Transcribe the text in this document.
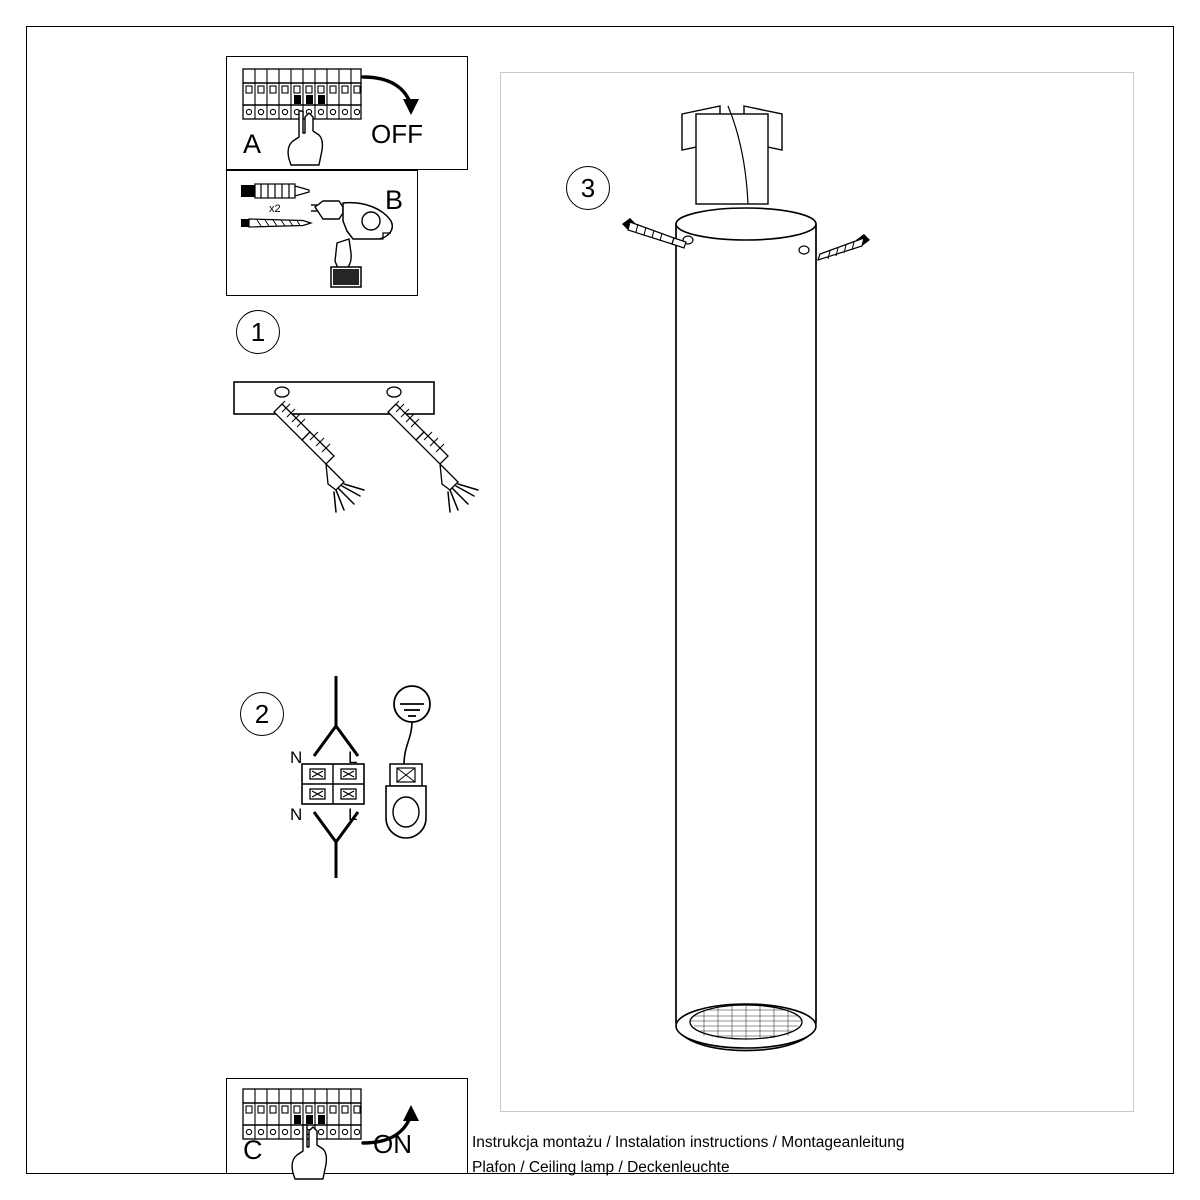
A	OFF
B
x2
1
2
N	L
N	L
C	ON
3
Instrukcja montażu / Instalation instructions / Montageanleitung
Plafon / Ceiling lamp / Deckenleuchte
